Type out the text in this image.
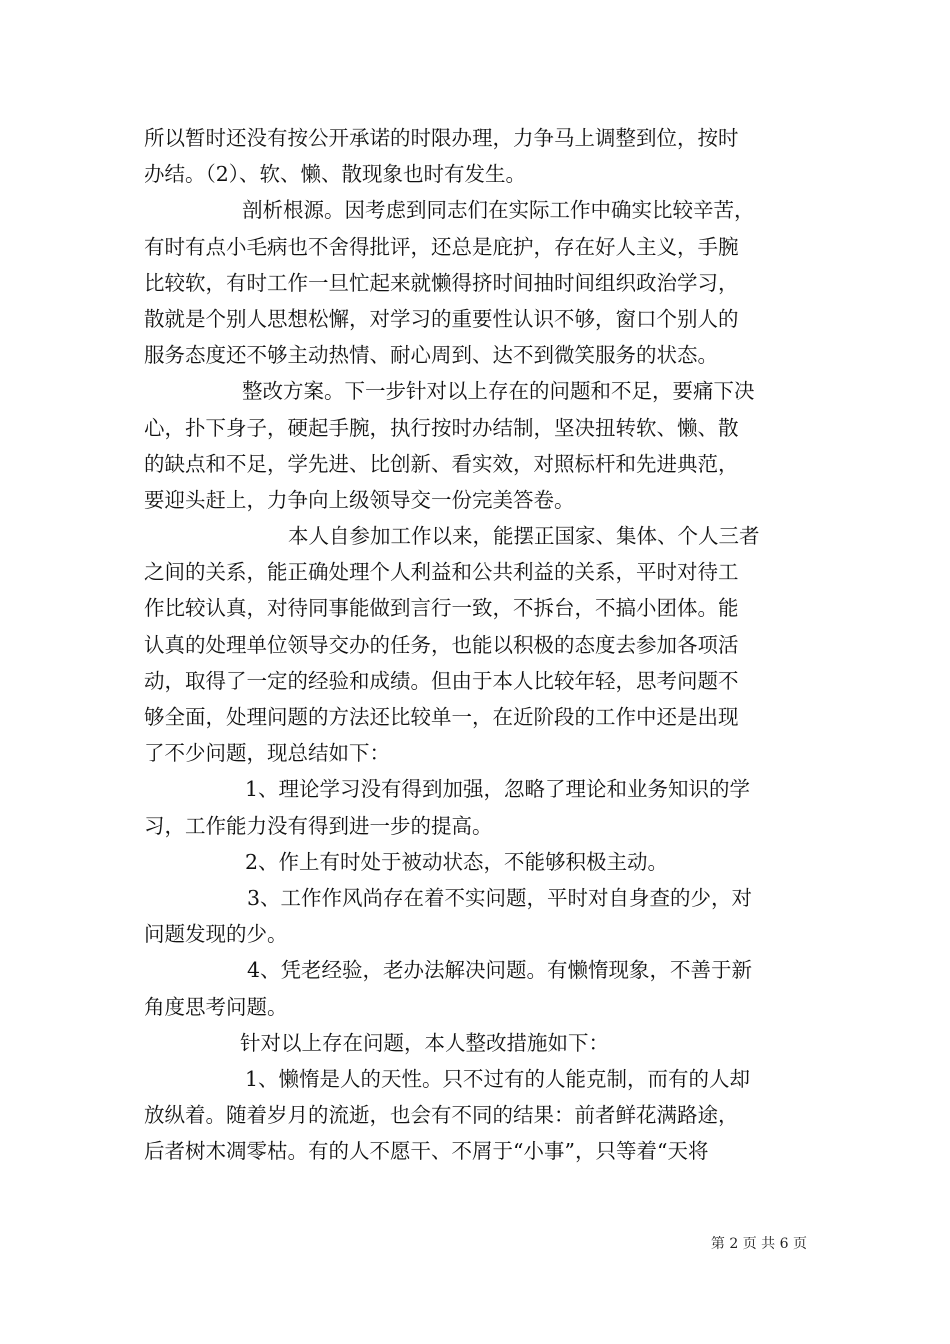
所以暂时还没有按公开承诺的时限办理，力争马上调整到位，按时
办结。（2）、软、懒、散现象也时有发生。
剖析根源。因考虑到同志们在实际工作中确实比较辛苦，
有时有点小毛病也不舍得批评，还总是庇护，存在好人主义，手腕
比较软，有时工作一旦忙起来就懒得挤时间抽时间组织政治学习，
散就是个别人思想松懈，对学习的重要性认识不够，窗口个别人的
服务态度还不够主动热情、耐心周到、达不到微笑服务的状态。
整改方案。下一步针对以上存在的问题和不足，要痛下决
心，扑下身子，硬起手腕，执行按时办结制，坚决扭转软、懒、散
的缺点和不足，学先进、比创新、看实效，对照标杆和先进典范，
要迎头赶上，力争向上级领导交一份完美答卷。
本人自参加工作以来，能摆正国家、集体、个人三者
之间的关系，能正确处理个人利益和公共利益的关系，平时对待工
作比较认真，对待同事能做到言行一致，不拆台，不搞小团体。能
认真的处理单位领导交办的任务，也能以积极的态度去参加各项活
动，取得了一定的经验和成绩。但由于本人比较年轻，思考问题不
够全面，处理问题的方法还比较单一，在近阶段的工作中还是出现
了不少问题，现总结如下：
1、理论学习没有得到加强，忽略了理论和业务知识的学
习，工作能力没有得到进一步的提高。
2、作上有时处于被动状态，不能够积极主动。
3、工作作风尚存在着不实问题，平时对自身查的少，对
问题发现的少。
4、凭老经验，老办法解决问题。有懒惰现象，不善于新
角度思考问题。
针对以上存在问题，本人整改措施如下：
1、懒惰是人的天性。只不过有的人能克制，而有的人却
放纵着。随着岁月的流逝，也会有不同的结果：前者鲜花满路途，
后者树木凋零枯。有的人不愿干、不屑于“小事”，只等着“天将
第 2 页 共 6 页
